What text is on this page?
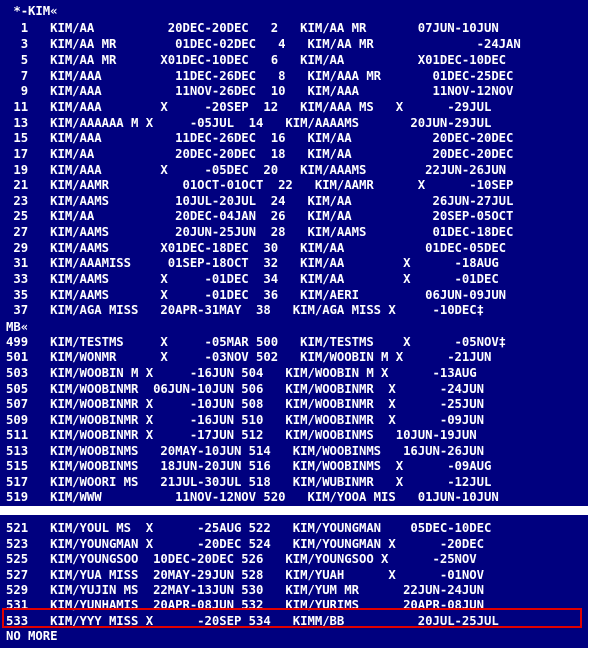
*-KIM«
1   KIM/AA          20DEC-20DEC   2   KIM/AA MR       07JUN-10JUN
3   KIM/AA MR        01DEC-02DEC   4   KIM/AA MR              -24JAN
5   KIM/AA MR      X01DEC-10DEC   6   KIM/AA          X01DEC-10DEC
7   KIM/AAA          11DEC-26DEC   8   KIM/AAA MR       01DEC-25DEC
9   KIM/AAA          11NOV-26DEC  10   KIM/AAA          11NOV-12NOV
11   KIM/AAA        X     -20SEP  12   KIM/AAA MS   X      -29JUL
13   KIM/AAAAAA M X     -05JUL  14   KIM/AAAAMS       20JUN-29JUL
15   KIM/AAA          11DEC-26DEC  16   KIM/AA           20DEC-20DEC
17   KIM/AA           20DEC-20DEC  18   KIM/AA           20DEC-20DEC
19   KIM/AAA        X     -05DEC  20   KIM/AAAMS        22JUN-26JUN
21   KIM/AAMR          01OCT-01OCT  22   KIM/AAMR      X      -10SEP
23   KIM/AAMS         10JUL-20JUL  24   KIM/AA           26JUN-27JUL
25   KIM/AA           20DEC-04JAN  26   KIM/AA           20SEP-05OCT
27   KIM/AAMS         20JUN-25JUN  28   KIM/AAMS         01DEC-18DEC
29   KIM/AAMS       X01DEC-18DEC  30   KIM/AA           01DEC-05DEC
31   KIM/AAAMISS     01SEP-18OCT  32   KIM/AA        X      -18AUG
33   KIM/AAMS       X     -01DEC  34   KIM/AA        X      -01DEC
35   KIM/AAMS       X     -01DEC  36   KIM/AERI         06JUN-09JUN
37   KIM/AGA MISS   20APR-31MAY  38   KIM/AGA MISS X     -10DEC‡
MB«
499   KIM/TESTMS     X     -05MAR 500   KIM/TESTMS    X      -05NOV‡
501   KIM/WONMR      X     -03NOV 502   KIM/WOOBIN M X      -21JUN
503   KIM/WOOBIN M X     -16JUN 504   KIM/WOOBIN M X      -13AUG
505   KIM/WOOBINMR  06JUN-10JUN 506   KIM/WOOBINMR  X      -24JUN
507   KIM/WOOBINMR X     -10JUN 508   KIM/WOOBINMR  X      -25JUN
509   KIM/WOOBINMR X     -16JUN 510   KIM/WOOBINMR  X      -09JUN
511   KIM/WOOBINMR X     -17JUN 512   KIM/WOOBINMS   10JUN-19JUN
513   KIM/WOOBINMS   20MAY-10JUN 514   KIM/WOOBINMS   16JUN-26JUN
515   KIM/WOOBINMS   18JUN-20JUN 516   KIM/WOOBINMS  X      -09AUG
517   KIM/WOORI MS   21JUL-30JUL 518   KIM/WUBINMR   X      -12JUL
519   KIM/WWW          11NOV-12NOV 520   KIM/YOOA MIS   01JUN-10JUN
521   KIM/YOUL MS  X      -25AUG 522   KIM/YOUNGMAN    05DEC-10DEC
523   KIM/YOUNGMAN X      -20DEC 524   KIM/YOUNGMAN X      -20DEC
525   KIM/YOUNGSOO  10DEC-20DEC 526   KIM/YOUNGSOO X      -25NOV
527   KIM/YUA MISS  20MAY-29JUN 528   KIM/YUAH      X      -01NOV
529   KIM/YUJIN MS  22MAY-13JUN 530   KIM/YUM MR      22JUN-24JUN
531   KIM/YUNHAMIS  20APR-08JUN 532   KIM/YURIMS      20APR-08JUN
533   KIM/YYY MISS X      -20SEP 534   KIMM/BB          20JUL-25JUL
NO MORE
